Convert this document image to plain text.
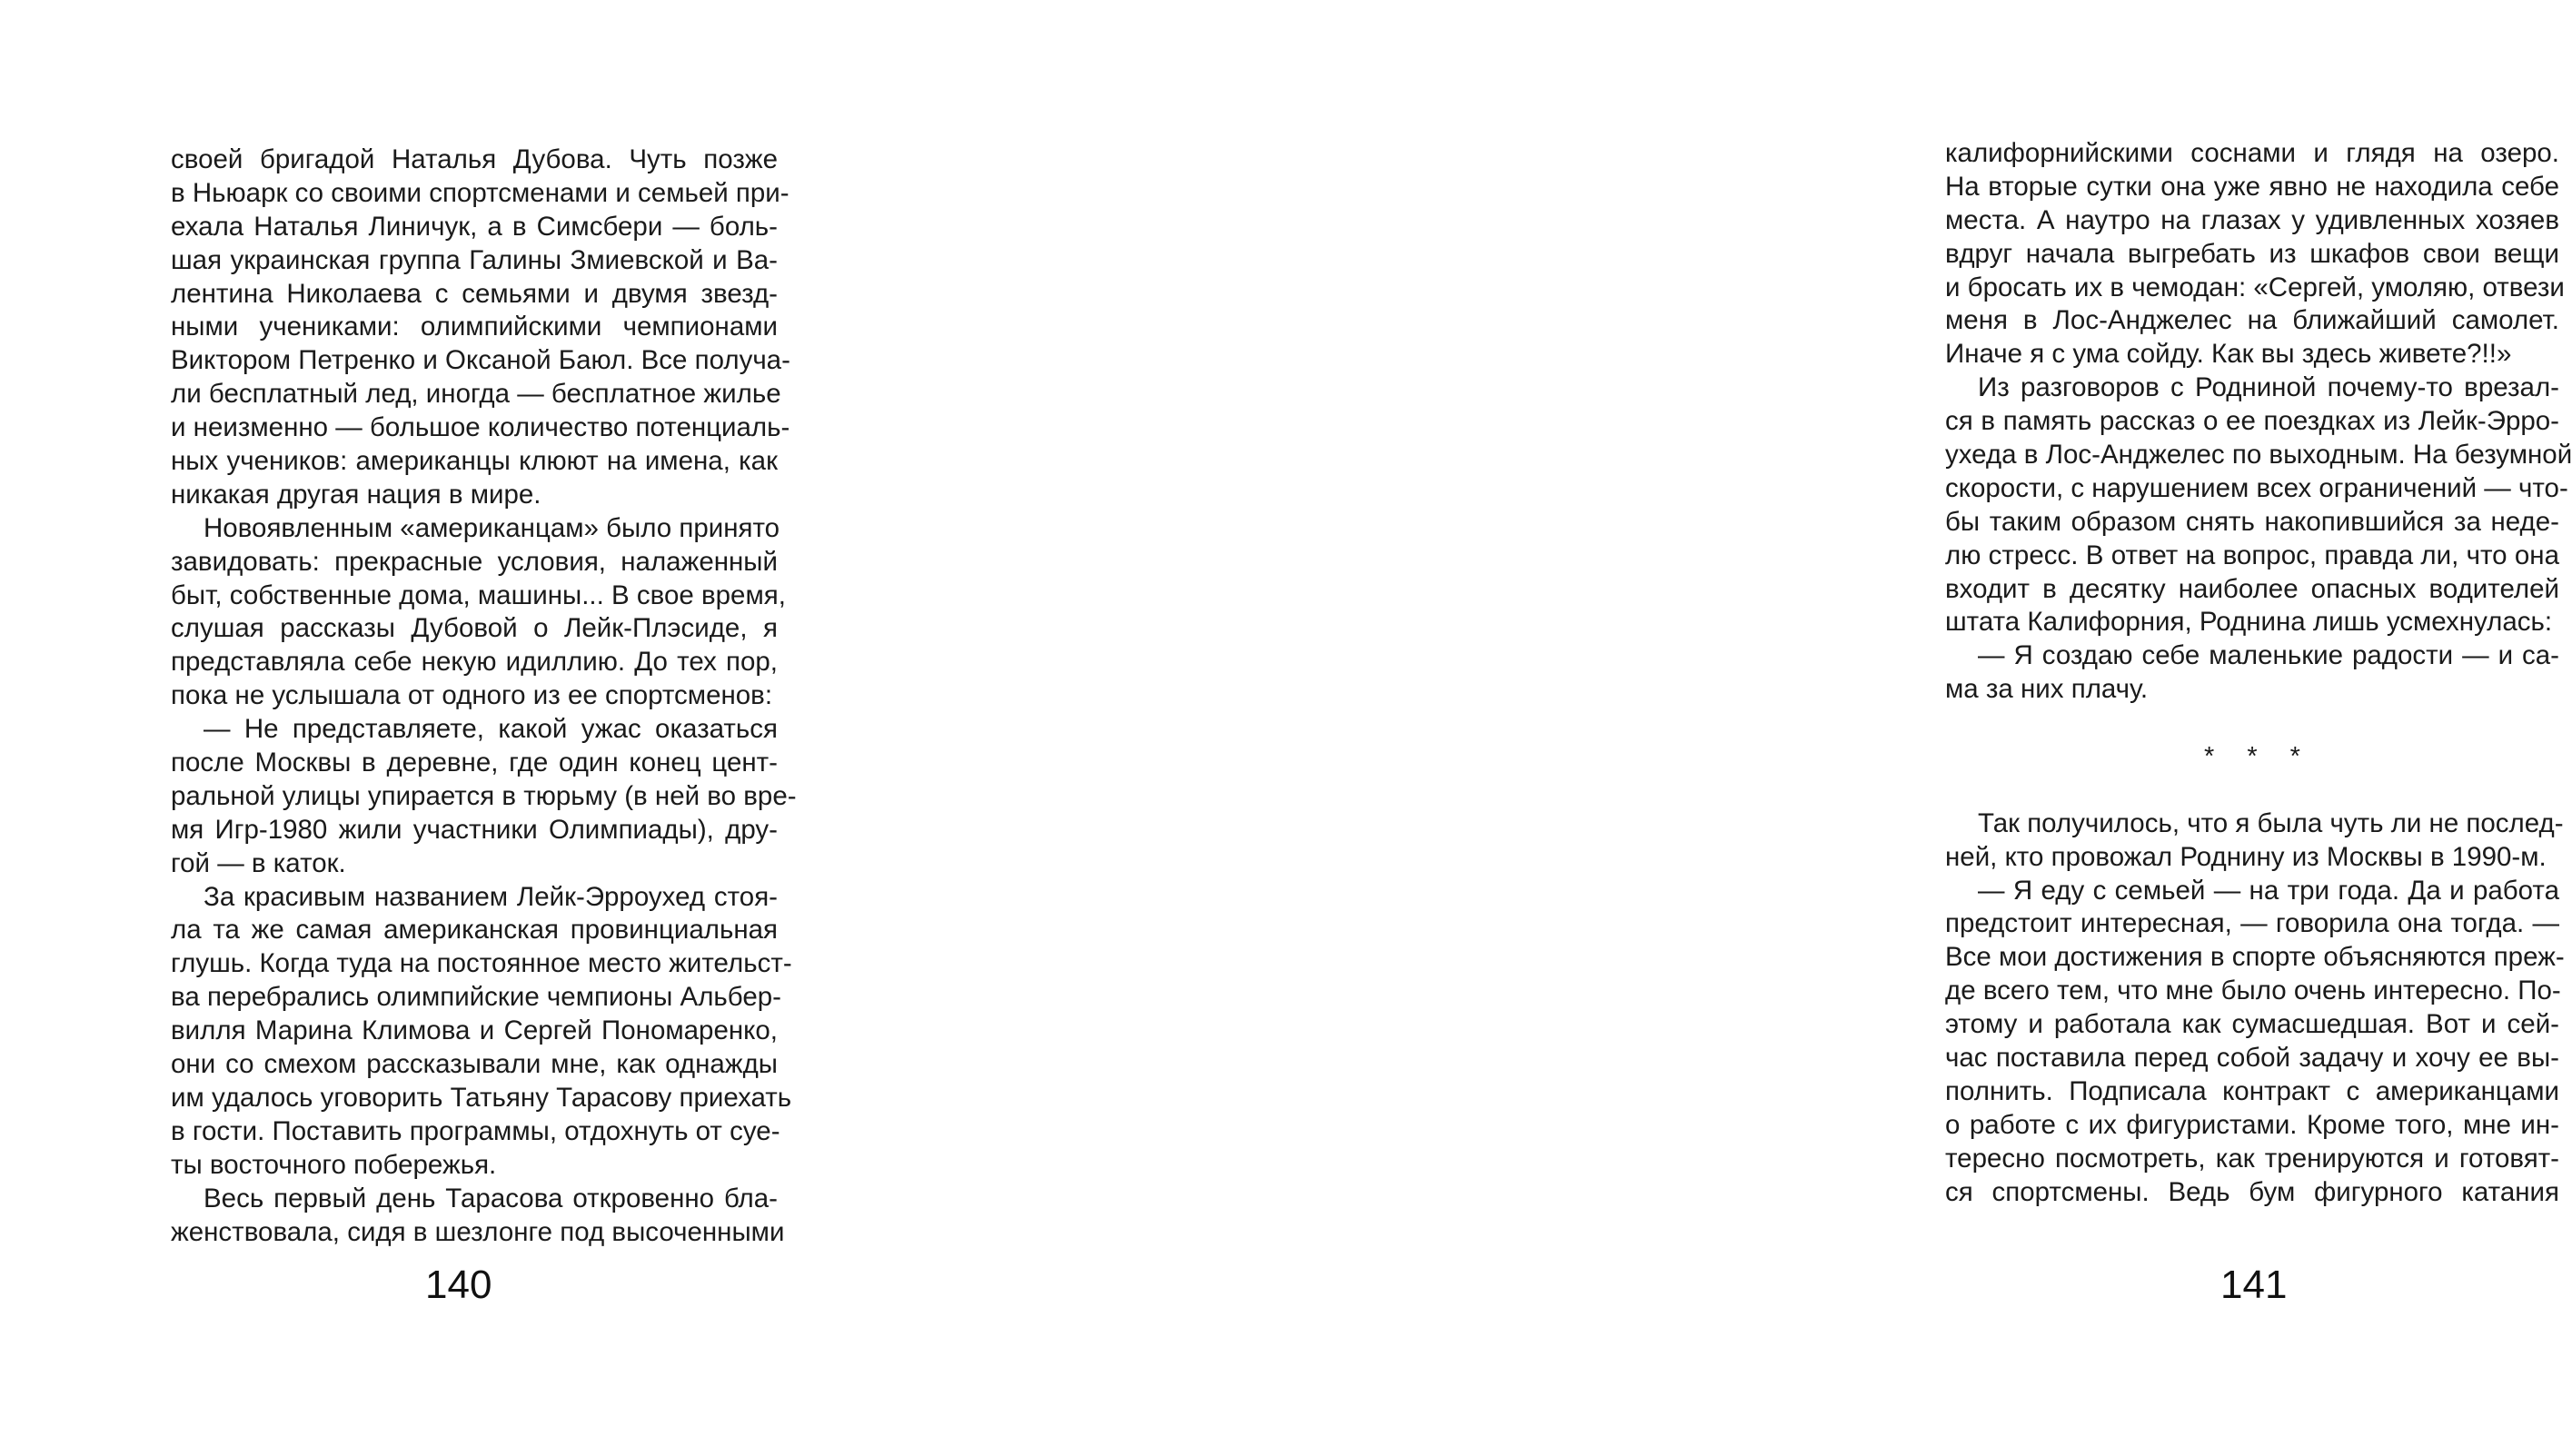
своей бригадой Наталья Дубова. Чуть позже
в Ньюарк со своими спортсменами и семьей при-
ехала Наталья Линичук, а в Симсбери — боль-
шая украинская группа Галины Змиевской и Ва-
лентина Николаева с семьями и двумя звезд-
ными учениками: олимпийскими чемпионами
Виктором Петренко и Оксаной Баюл. Все получа-
ли бесплатный лед, иногда — бесплатное жилье
и неизменно — большое количество потенциаль-
ных учеников: американцы клюют на имена, как
никакая другая нация в мире.
Новоявленным «американцам» было принято
завидовать: прекрасные условия, налаженный
быт, собственные дома, машины... В свое время,
слушая рассказы Дубовой о Лейк-Плэсиде, я
представляла себе некую идиллию. До тех пор,
пока не услышала от одного из ее спортсменов:
— Не представляете, какой ужас оказаться
после Москвы в деревне, где один конец цент-
ральной улицы упирается в тюрьму (в ней во вре-
мя Игр-1980 жили участники Олимпиады), дру-
гой — в каток.
За красивым названием Лейк-Эрроухед стоя-
ла та же самая американская провинциальная
глушь. Когда туда на постоянное место жительст-
ва перебрались олимпийские чемпионы Альбер-
вилля Марина Климова и Сергей Пономаренко,
они со смехом рассказывали мне, как однажды
им удалось уговорить Татьяну Тарасову приехать
в гости. Поставить программы, отдохнуть от суе-
ты восточного побережья.
Весь первый день Тарасова откровенно бла-
женствовала, сидя в шезлонге под высоченными
140
калифорнийскими соснами и глядя на озеро.
На вторые сутки она уже явно не находила себе
места. А наутро на глазах у удивленных хозяев
вдруг начала выгребать из шкафов свои вещи
и бросать их в чемодан: «Сергей, умоляю, отвези
меня в Лос-Анджелес на ближайший самолет.
Иначе я с ума сойду. Как вы здесь живете?!!»
Из разговоров с Родниной почему-то врезал-
ся в память рассказ о ее поездках из Лейк-Эрро-
ухеда в Лос-Анджелес по выходным. На безумной
скорости, с нарушением всех ограничений — что-
бы таким образом снять накопившийся за неде-
лю стресс. В ответ на вопрос, правда ли, что она
входит в десятку наиболее опасных водителей
штата Калифорния, Роднина лишь усмехнулась:
— Я создаю себе маленькие радости — и са-
ма за них плачу.
* * *
Так получилось, что я была чуть ли не послед-
ней, кто провожал Роднину из Москвы в 1990-м.
— Я еду с семьей — на три года. Да и работа
предстоит интересная, — говорила она тогда. —
Все мои достижения в спорте объясняются преж-
де всего тем, что мне было очень интересно. По-
этому и работала как сумасшедшая. Вот и сей-
час поставила перед собой задачу и хочу ее вы-
полнить. Подписала контракт с американцами
о работе с их фигуристами. Кроме того, мне ин-
тересно посмотреть, как тренируются и готовят-
ся спортсмены. Ведь бум фигурного катания
141
